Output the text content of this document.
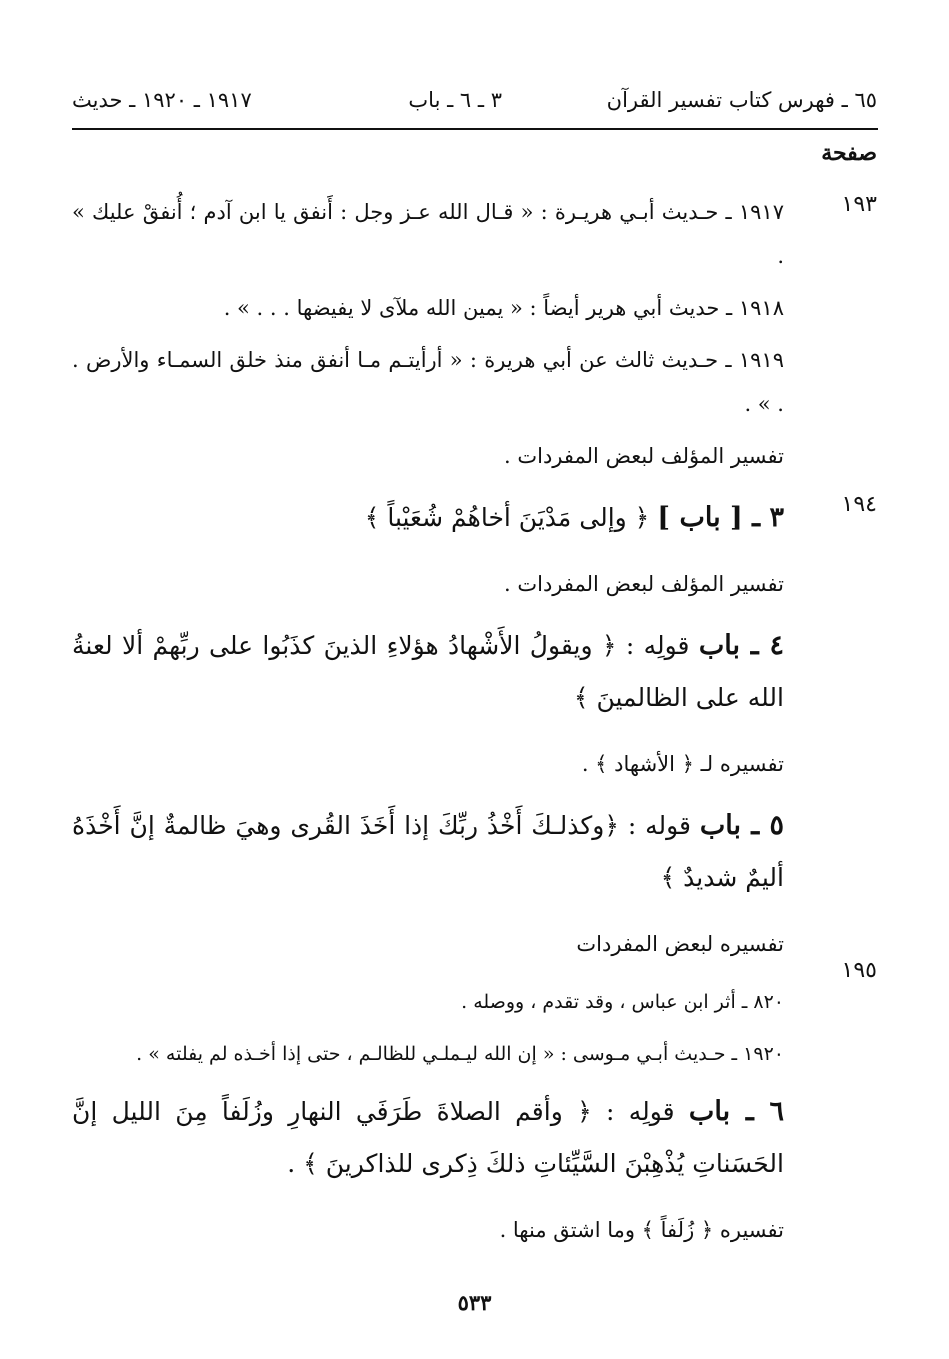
٦٥ ـ فهرس كتاب تفسير القرآن
٣ ـ ٦ ـ باب
١٩١٧ ـ ١٩٢٠ ـ حديث
صفحة
١٩٣
١٩٤
١٩٥

١٩١٧ ـ حـديث أبـي هريـرة : « قـال الله عـز وجل : أَنفق يا ابن آدم ؛ أُنفقْ عليك » .

١٩١٨ ـ حديث أبي هرير أيضاً : « يمين الله ملآى لا يفيضها . . . » .

١٩١٩ ـ حـديث ثالث عن أبي هريرة : « أرأيتـم مـا أنفق منذ خلق السمـاء والأرض . . » .

تفسير المؤلف لبعض المفردات .

٣ ـ [ باب ] ﴿ وإلى مَدْيَنَ أخاهُمْ شُعَيْباً ﴾

تفسير المؤلف لبعض المفردات .

٤ ـ باب قولِه : ﴿ ويقولُ الأَشْهادُ هؤلاءِ الذينَ كذَبُوا على ربِّهمْ ألا لعنةُ الله على الظالمينَ ﴾

تفسيره لـ ﴿ الأشهاد ﴾ .

٥ ـ باب قوله : ﴿وكذلـكَ أَخْذُ ربِّكَ إذا أَخَذَ القُرى وهيَ ظالمةٌ إنَّ أَخْذَهُ أليمٌ شديدٌ ﴾

تفسيره لبعض المفردات

٨٢٠ ـ أثر ابن عباس ، وقد تقدم ، ووصله .

١٩٢٠ ـ حـديث أبـي مـوسى : « إن الله ليـملـي للظالـم ، حتى إذا أخـذه لم يفلته » .

٦ ـ باب قولِه : ﴿ وأقم الصلاةَ طَرَفَي النهارِ وزُلَفاً مِنَ الليل إنَّ الحَسَناتِ يُذْهِبْنَ السَّيِّئاتِ ذلكَ ذِكرى للذاكرينَ ﴾ .

تفسيره ﴿ زُلَفاً ﴾ وما اشتق منها .

٥٣٣
